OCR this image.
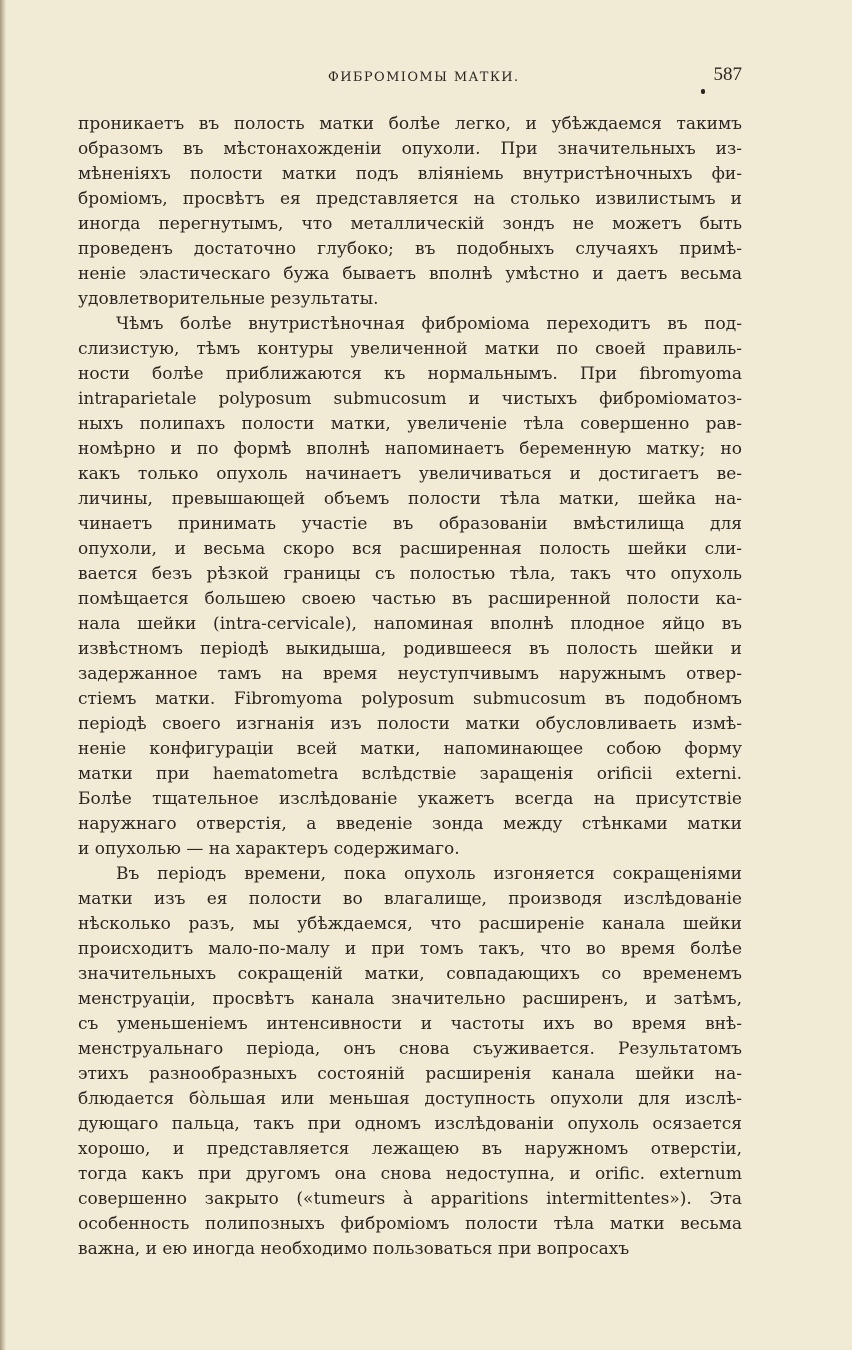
ФИБРОМІОМЫ МАТКИ.	587

проникаетъ въ полость матки болѣе легко, и убѣждаемся такимъ
образомъ въ мѣстонахожденіи опухоли. При значительныхъ из-
мѣненіяхъ полости матки подъ вліяніемь внутристѣночныхъ фи-
броміомъ, просвѣтъ ея представляется на столько извилистымъ и
иногда перегнутымъ, что металлическій зондъ не можетъ быть
проведенъ достаточно глубоко; въ подобныхъ случаяхъ примѣ-
неніе эластическаго бужа бываетъ вполнѣ умѣстно и даетъ весьма
удовлетворительные результаты.

Чѣмъ болѣе внутристѣночная фиброміома переходитъ въ под-
слизистую, тѣмъ контуры увеличенной матки по своей правиль-
ности болѣе приближаются къ нормальнымъ. При fibromyoma
intraparietale polyposum submucosum и чистыхъ фиброміоматоз-
ныхъ полипахъ полости матки, увеличеніе тѣла совершенно рав-
номѣрно и по формѣ вполнѣ напоминаетъ беременную матку; но
какъ только опухоль начинаетъ увеличиваться и достигаетъ ве-
личины, превышающей объемъ полости тѣла матки, шейка на-
чинаетъ принимать участіе въ образованіи вмѣстилища для
опухоли, и весьма скоро вся расширенная полость шейки сли-
вается безъ рѣзкой границы съ полостью тѣла, такъ что опухоль
помѣщается большею своею частью въ расширенной полости ка-
нала шейки (intra-cervicale), напоминая вполнѣ плодное яйцо въ
извѣстномъ періодѣ выкидыша, родившееся въ полость шейки и
задержанное тамъ на время неуступчивымъ наружнымъ отвер-
стіемъ матки. Fibromyoma polyposum submucosum въ подобномъ
періодѣ своего изгнанія изъ полости матки обусловливаеть измѣ-
неніе конфигураціи всей матки, напоминающее собою форму
матки при haematometra вслѣдствіе заращенія orificii externi.
Болѣе тщательное изслѣдованіе укажетъ всегда на присутствіе
наружнаго отверстія, а введеніе зонда между стѣнками матки
и опухолью — на характеръ содержимаго.

Въ періодъ времени, пока опухоль изгоняется сокращеніями
матки изъ ея полости во влагалище, производя изслѣдованіе
нѣсколько разъ, мы убѣждаемся, что расширеніе канала шейки
происходитъ мало-по-малу и при томъ такъ, что во время болѣе
значительныхъ сокращеній матки, совпадающихъ со временемъ
менструаціи, просвѣтъ канала значительно расширенъ, и затѣмъ,
съ уменьшеніемъ интенсивности и частоты ихъ во время внѣ-
менструальнаго періода, онъ снова съуживается. Результатомъ
этихъ разнообразныхъ состояній расширенія канала шейки на-
блюдается бо̀льшая или меньшая доступность опухоли для изслѣ-
дующаго пальца, такъ при одномъ изслѣдованіи опухоль осязается
хорошо, и представляется лежащею въ наружномъ отверстіи,
тогда какъ при другомъ она снова недоступна, и orific. externum
совершенно закрыто («tumeurs à apparitions intermittentes»). Эта
особенность полипозныхъ фиброміомъ полости тѣла матки весьма
важна, и ею иногда необходимо пользоваться при вопросахъ
